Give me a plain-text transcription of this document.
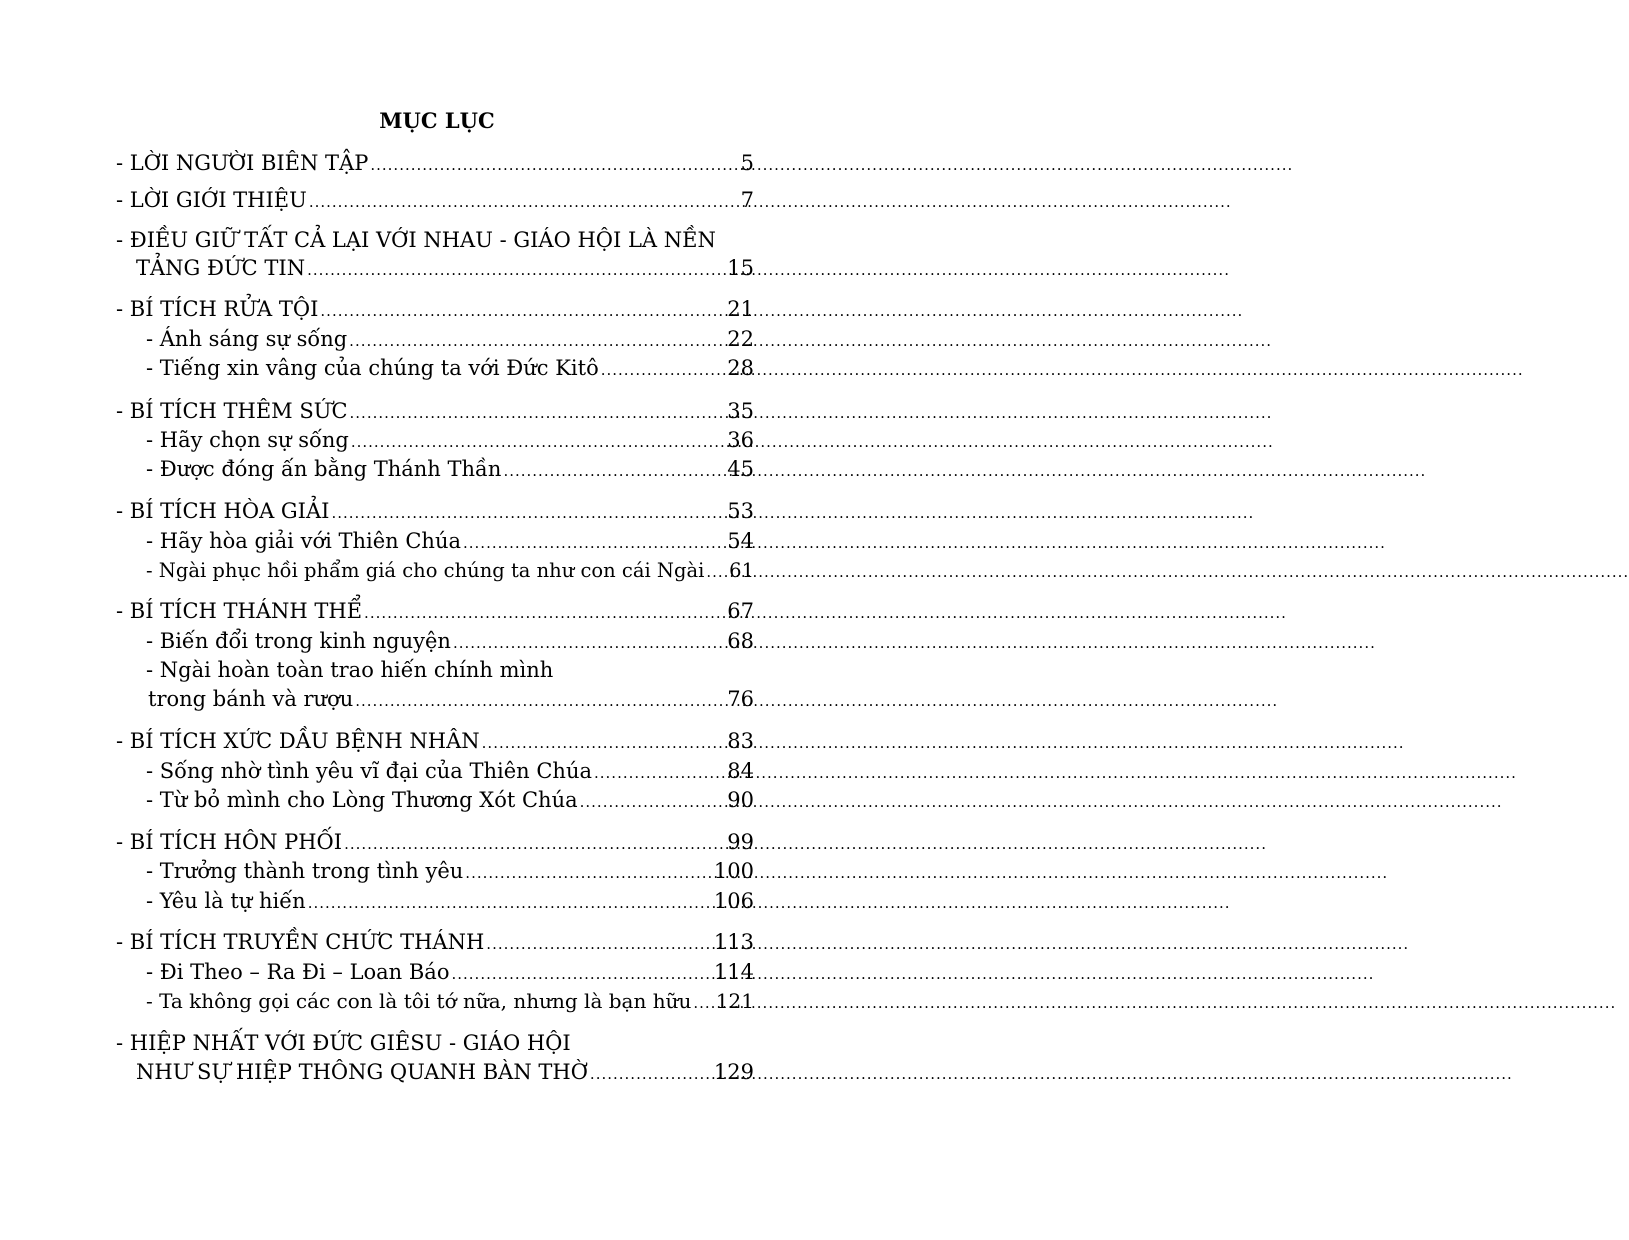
MỤC LỤC
- LỜI NGƯỜI BIÊN TẬP .....	5
- LỜI GIỚI THIỆU .....	7
- ĐIỀU GIỮ TẤT CẢ LẠI VỚI NHAU - GIÁO HỘI LÀ NỀN
TẢNG ĐỨC TIN .....	15
- BÍ TÍCH RỬA TỘI .....	21
- Ánh sáng sự sống .....	22
- Tiếng xin vâng của chúng ta với Đức Kitô .....	28
- BÍ TÍCH THÊM SỨC .....	35
- Hãy chọn sự sống .....	36
- Được đóng ấn bằng Thánh Thần .....	45
- BÍ TÍCH HÒA GIẢI .....	53
- Hãy hòa giải với Thiên Chúa .....	54
- Ngài phục hồi phẩm giá cho chúng ta như con cái Ngài ..... 61
- BÍ TÍCH THÁNH THỂ .....	67
- Biến đổi trong kinh nguyện .....	68
- Ngài hoàn toàn trao hiến chính mình
trong bánh và rượu .....	76
- BÍ TÍCH XỨC DẦU BỆNH NHÂN .....	83
- Sống nhờ tình yêu vĩ đại của Thiên Chúa .....	84
- Từ bỏ mình cho Lòng Thương Xót Chúa .....	90
- BÍ TÍCH HÔN PHỐI .....	99
- Trưởng thành trong tình yêu .....	100
- Yêu là tự hiến .....	106
- BÍ TÍCH TRUYỀN CHỨC THÁNH .....	113
- Đi Theo – Ra Đi – Loan Báo .....	114
- Ta không gọi các con là tôi tớ nữa, nhưng là bạn hữu ..... 121
- HIỆP NHẤT VỚI ĐỨC GIÊSU - GIÁO HỘI
NHƯ SỰ HIỆP THÔNG QUANH BÀN THỜ .....	129
